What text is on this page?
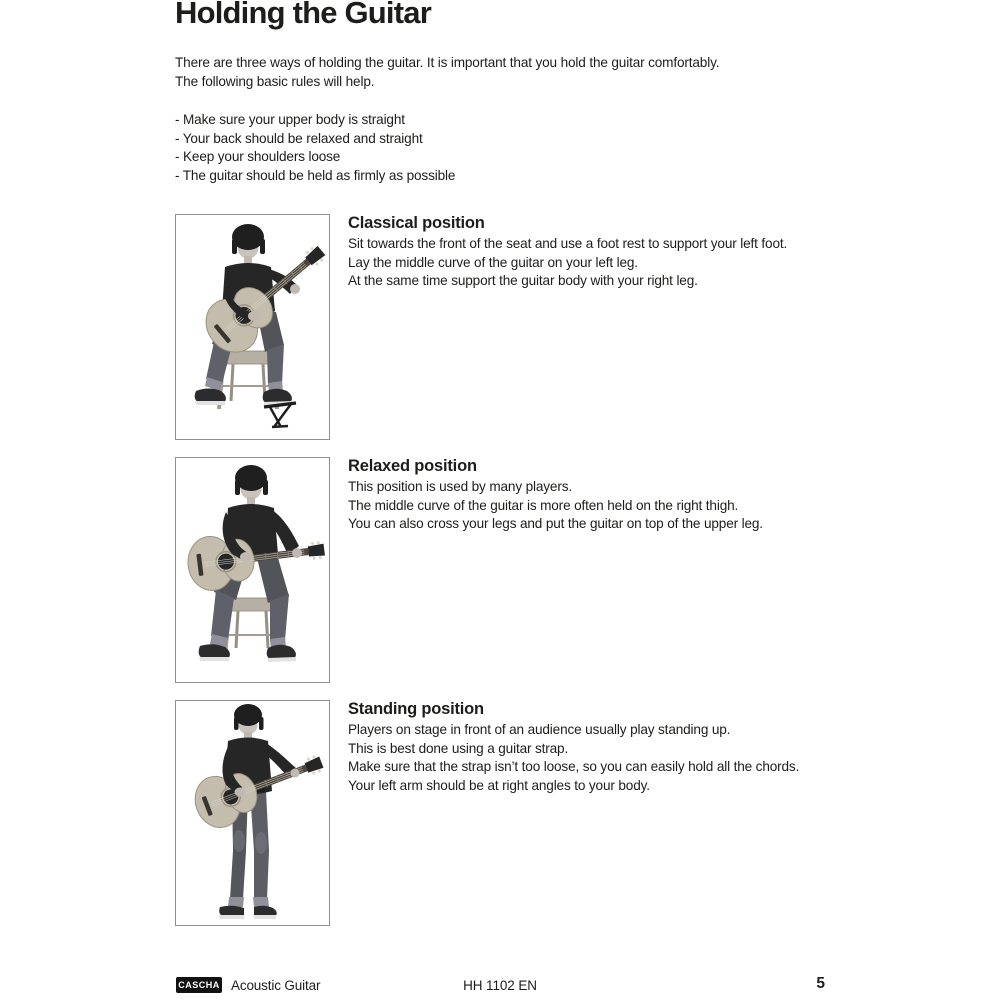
Holding the Guitar
There are three ways of holding the guitar. It is important that you hold the guitar comfortably.
The following basic rules will help.
- Make sure your upper body is straight
- Your back should be relaxed and straight
- Keep your shoulders loose
- The guitar should be held as firmly as possible
Classical position
Sit towards the front of the seat and use a foot rest to support your left foot.
Lay the middle curve of the guitar on your left leg.
At the same time support the guitar body with your right leg.
Relaxed position
This position is used by many players.
The middle curve of the guitar is more often held on the right thigh.
You can also cross your legs and put the guitar on top of the upper leg.
Standing position
Players on stage in front of an audience usually play standing up.
This is best done using a guitar strap.
Make sure that the strap isn’t too loose, so you can easily hold all the chords.
Your left arm should be at right angles to your body.
CASCHA Acoustic Guitar	HH 1102 EN	5
